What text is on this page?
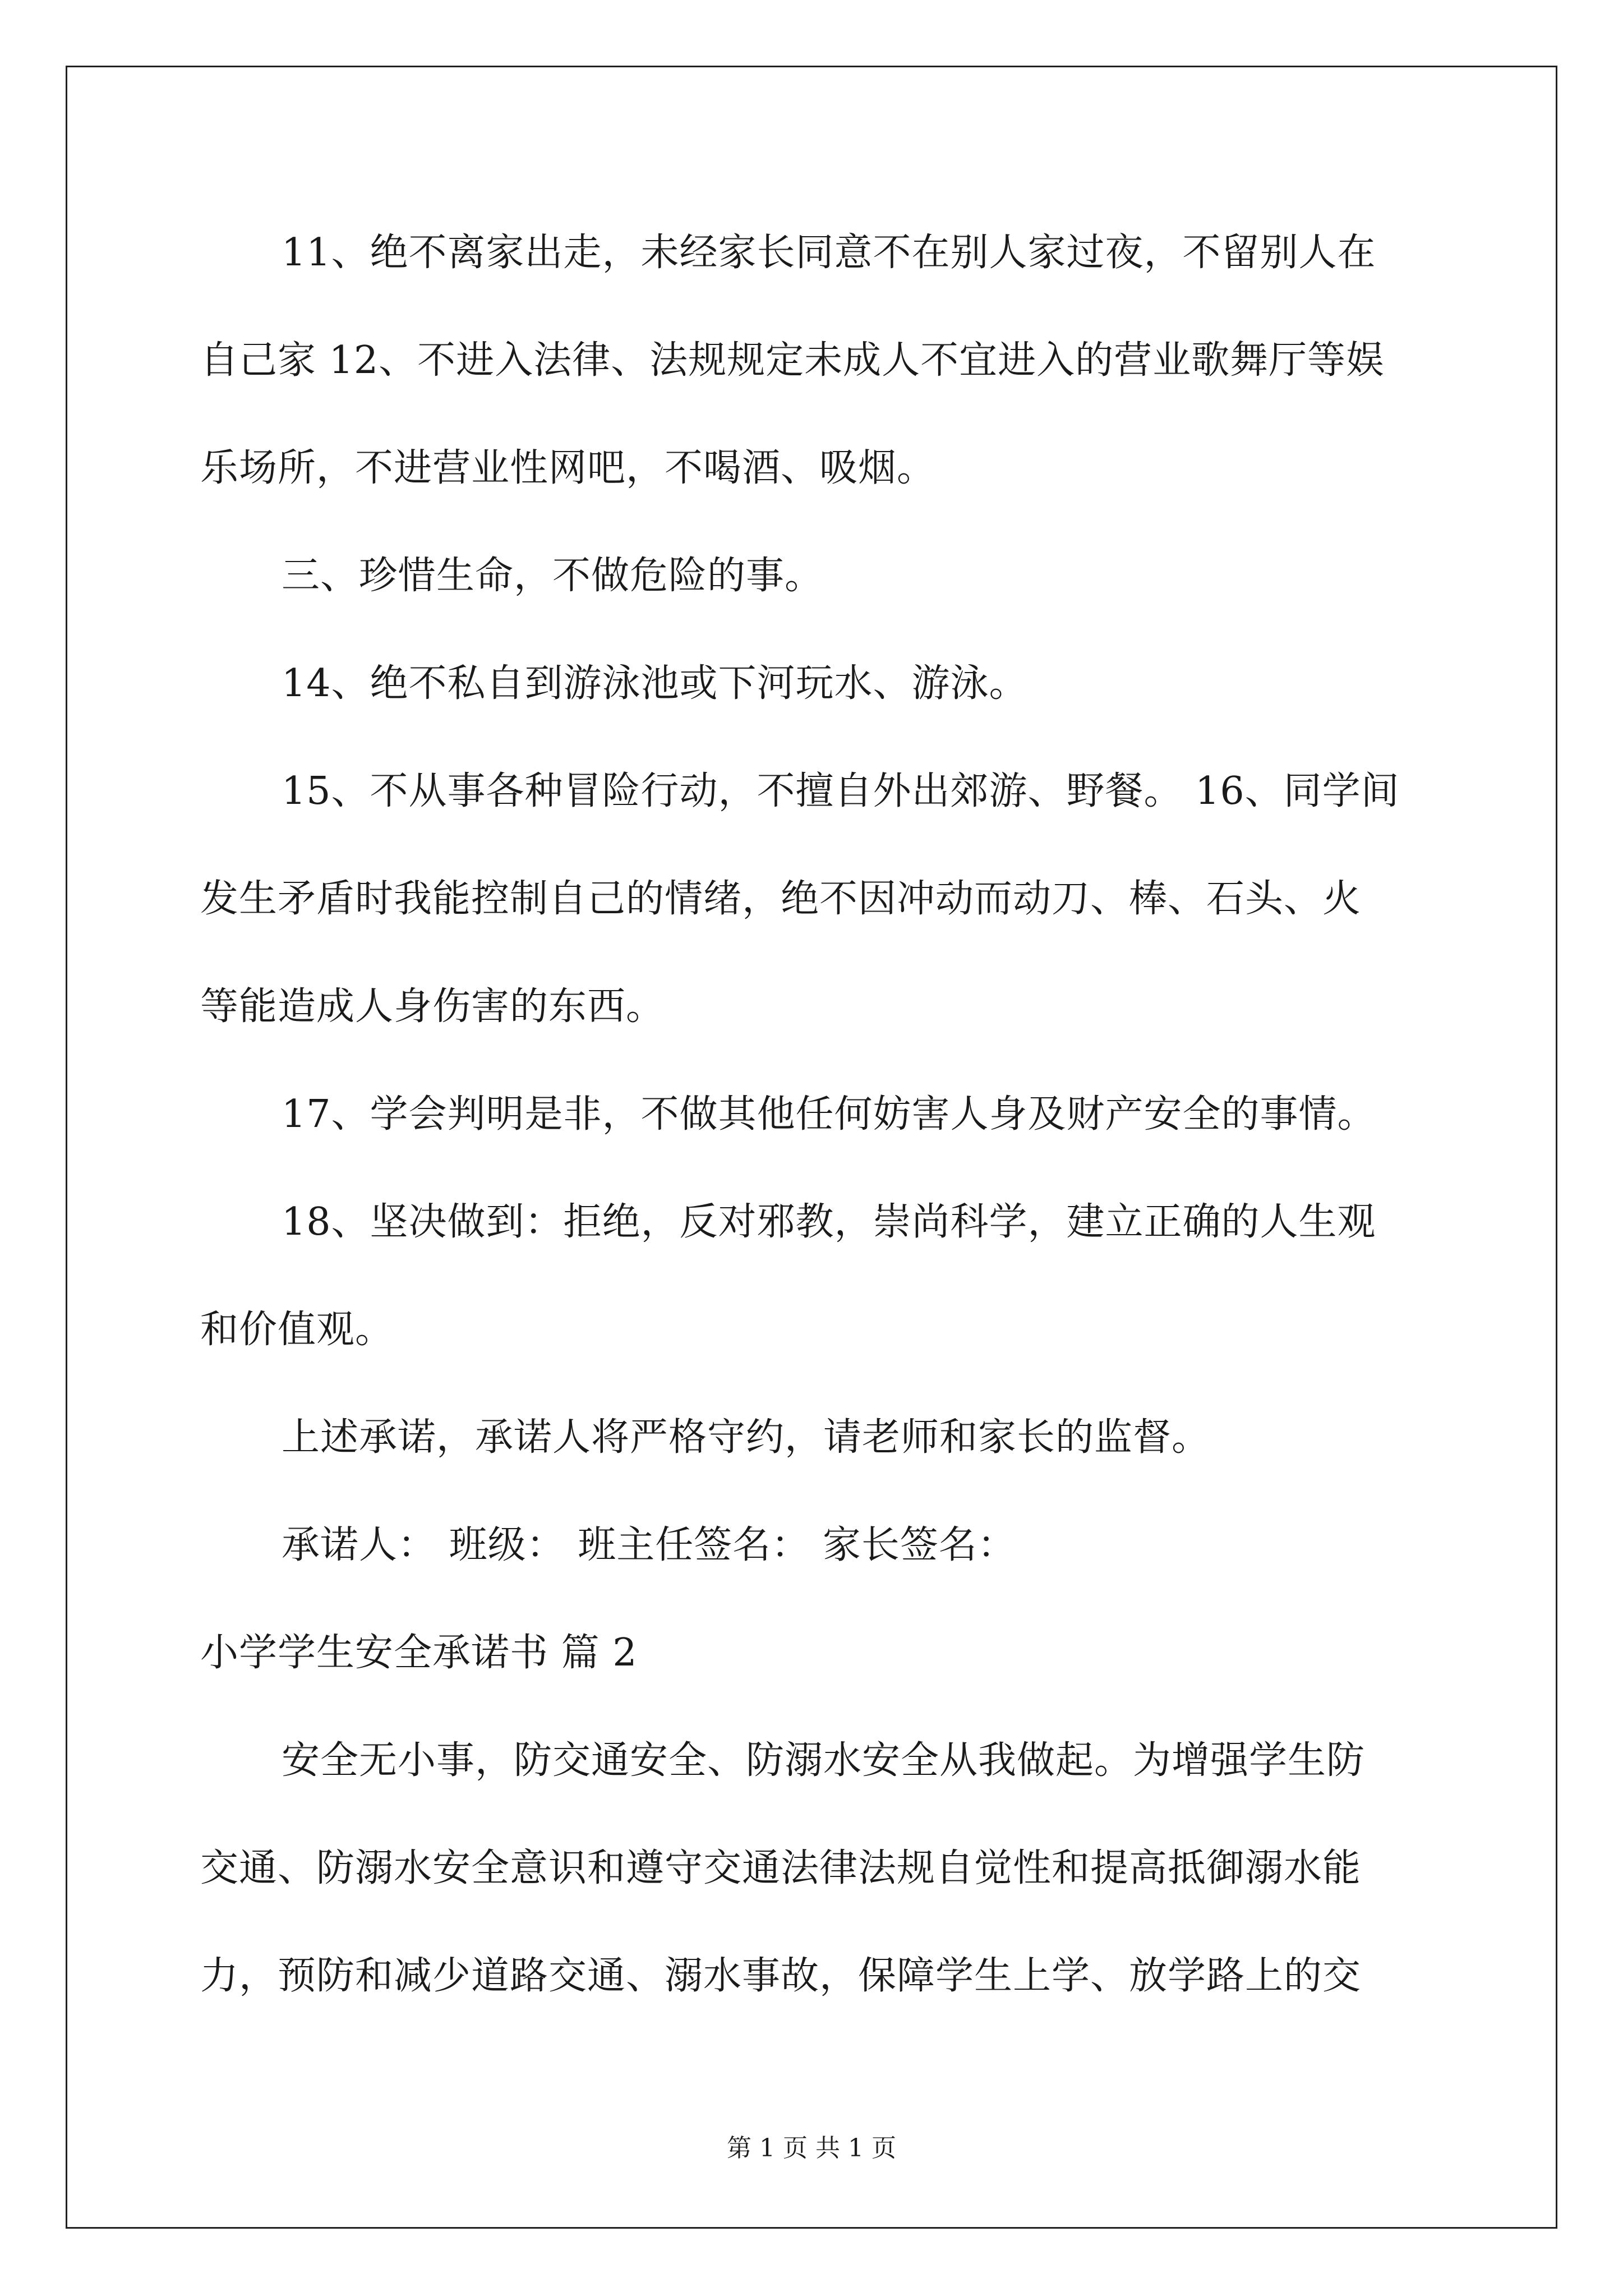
11、绝不离家出走，未经家长同意不在别人家过夜，不留别人在
自己家 12、不进入法律、法规规定未成人不宜进入的营业歌舞厅等娱
乐场所，不进营业性网吧，不喝酒、吸烟。
三、珍惜生命，不做危险的事。
14、绝不私自到游泳池或下河玩水、游泳。
15、不从事各种冒险行动，不擅自外出郊游、野餐。 16、同学间
发生矛盾时我能控制自己的情绪，绝不因冲动而动刀、棒、石头、火
等能造成人身伤害的东西。
17、学会判明是非，不做其他任何妨害人身及财产安全的事情。
18、坚决做到：拒绝，反对邪教，崇尚科学，建立正确的人生观
和价值观。
上述承诺，承诺人将严格守约，请老师和家长的监督。
承诺人： 班级： 班主任签名： 家长签名：
小学学生安全承诺书 篇 2
安全无小事，防交通安全、防溺水安全从我做起。为增强学生防
交通、防溺水安全意识和遵守交通法律法规自觉性和提高抵御溺水能
力，预防和减少道路交通、溺水事故，保障学生上学、放学路上的交
第 1 页 共 1 页
